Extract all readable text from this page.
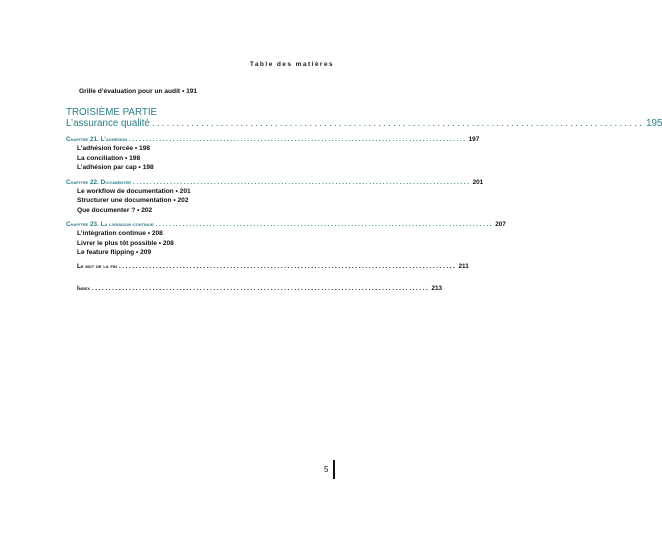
Table des matières
Grille d’évaluation pour un audit • 191
TROISIÈME PARTIE
L’assurance qualité .................................................................................................... 195
Chapitre 21. L’adhésion .................................................................................................... 197
L’adhésion forcée • 198
La conciliation • 198
L’adhésion par cap • 198
Chapitre 22. Documenter .................................................................................................... 201
Le workflow de documentation • 201
Structurer une documentation • 202
Que documenter ? • 202
Chapitre 23. La livraison continue .................................................................................................... 207
L’intégration continue • 208
Livrer le plus tôt possible • 208
Le feature flipping • 209
Le mot de la fin .................................................................................................... 211
Index .................................................................................................... 213
5
